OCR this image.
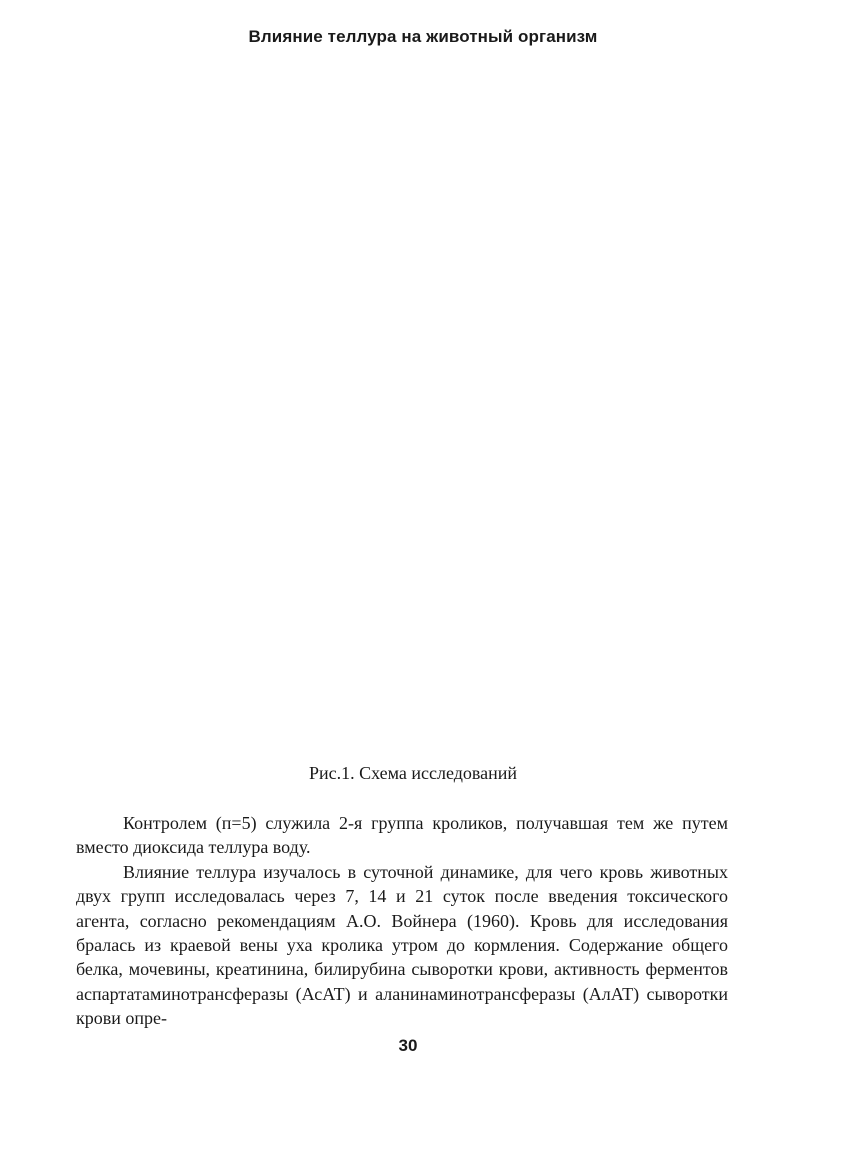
Влияние теллура на животный организм
Рис.1. Схема исследований

Контролем (п=5) служила 2-я группа кроликов, получавшая тем же путем вместо диоксида теллура воду.

Влияние теллура изучалось в суточной динамике, для чего кровь животных двух групп исследовалась через 7, 14 и 21 суток после введения токсического агента, согласно рекомендациям А.О. Войнера (1960). Кровь для исследования бралась из краевой вены уха кролика утром до кормления. Содержание общего белка, мочевины, креатинина, билирубина сыворотки крови, активность ферментов аспартатаминотрансферазы (АсАТ) и аланинаминотрансферазы (АлАТ) сыворотки крови опре-

30
